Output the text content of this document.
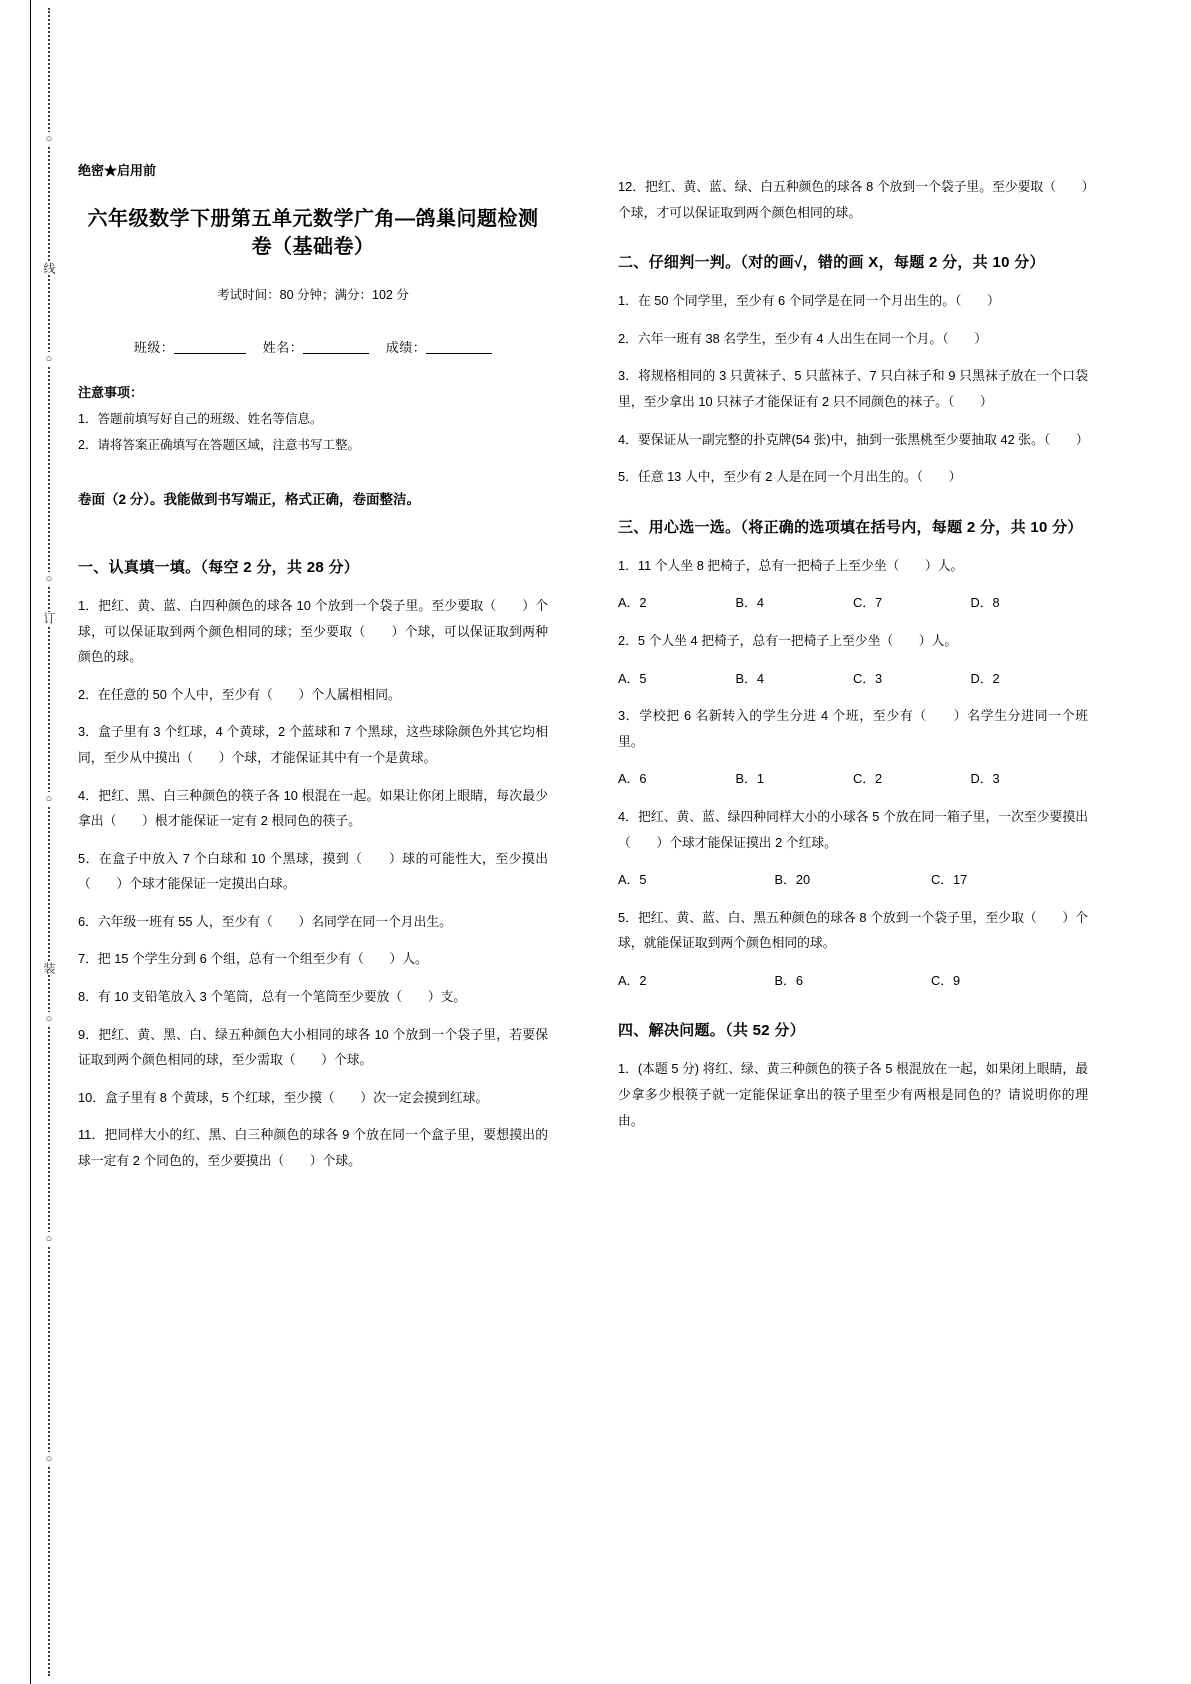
○
○
○
○
○
○
○
线
订
装
绝密★启用前
六年级数学下册第五单元数学广角—鸽巢问题检测卷（基础卷）
考试时间：80 分钟；满分：102 分
班级：	姓名：	成绩：
注意事项：
1．答题前填写好自己的班级、姓名等信息。
2．请将答案正确填写在答题区域，注意书写工整。
卷面（2 分）。我能做到书写端正，格式正确，卷面整洁。
一、认真填一填。（每空 2 分，共 28 分）
1．把红、黄、蓝、白四种颜色的球各 10 个放到一个袋子里。至少要取（　　）个球，可以保证取到两个颜色相同的球；至少要取（　　）个球，可以保证取到两种颜色的球。
2．在任意的 50 个人中，至少有（　　）个人属相相同。
3．盒子里有 3 个红球，4 个黄球，2 个蓝球和 7 个黑球，这些球除颜色外其它均相同，至少从中摸出（　　）个球，才能保证其中有一个是黄球。
4．把红、黑、白三种颜色的筷子各 10 根混在一起。如果让你闭上眼睛，每次最少拿出（　　）根才能保证一定有 2 根同色的筷子。
5．在盒子中放入 7 个白球和 10 个黑球，摸到（　　）球的可能性大，至少摸出（　　）个球才能保证一定摸出白球。
6．六年级一班有 55 人，至少有（　　）名同学在同一个月出生。
7．把 15 个学生分到 6 个组，总有一个组至少有（　　）人。
8．有 10 支铅笔放入 3 个笔筒，总有一个笔筒至少要放（　　）支。
9．把红、黄、黑、白、绿五种颜色大小相同的球各 10 个放到一个袋子里，若要保证取到两个颜色相同的球，至少需取（　　）个球。
10．盒子里有 8 个黄球，5 个红球，至少摸（　　）次一定会摸到红球。
11．把同样大小的红、黑、白三种颜色的球各 9 个放在同一个盒子里，要想摸出的球一定有 2 个同色的，至少要摸出（　　）个球。
12．把红、黄、蓝、绿、白五种颜色的球各 8 个放到一个袋子里。至少要取（　　）个球，才可以保证取到两个颜色相同的球。
二、仔细判一判。（对的画√，错的画 X，每题 2 分，共 10 分）
1．在 50 个同学里，至少有 6 个同学是在同一个月出生的。（　　）
2．六年一班有 38 名学生，至少有 4 人出生在同一个月。（　　）
3．将规格相同的 3 只黄袜子、5 只蓝袜子、7 只白袜子和 9 只黑袜子放在一个口袋里，至少拿出 10 只袜子才能保证有 2 只不同颜色的袜子。（　　）
4．要保证从一副完整的扑克牌(54 张)中，抽到一张黑桃至少要抽取 42 张。（　　）
5．任意 13 人中，至少有 2 人是在同一个月出生的。（　　）
三、用心选一选。（将正确的选项填在括号内，每题 2 分，共 10 分）
1．11 个人坐 8 把椅子，总有一把椅子上至少坐（　　）人。
A．2	B．4	C．7	D．8
2．5 个人坐 4 把椅子，总有一把椅子上至少坐（　　）人。
A．5	B．4	C．3	D．2
3．学校把 6 名新转入的学生分进 4 个班，至少有（　　）名学生分进同一个班里。
A．6	B．1	C．2	D．3
4．把红、黄、蓝、绿四种同样大小的小球各 5 个放在同一箱子里，一次至少要摸出（　　）个球才能保证摸出 2 个红球。
A．5	B．20	C．17
5．把红、黄、蓝、白、黑五种颜色的球各 8 个放到一个袋子里，至少取（　　）个球，就能保证取到两个颜色相同的球。
A．2	B．6	C．9
四、解决问题。（共 52 分）
1．(本题 5 分) 将红、绿、黄三种颜色的筷子各 5 根混放在一起，如果闭上眼睛，最少拿多少根筷子就一定能保证拿出的筷子里至少有两根是同色的？请说明你的理由。
